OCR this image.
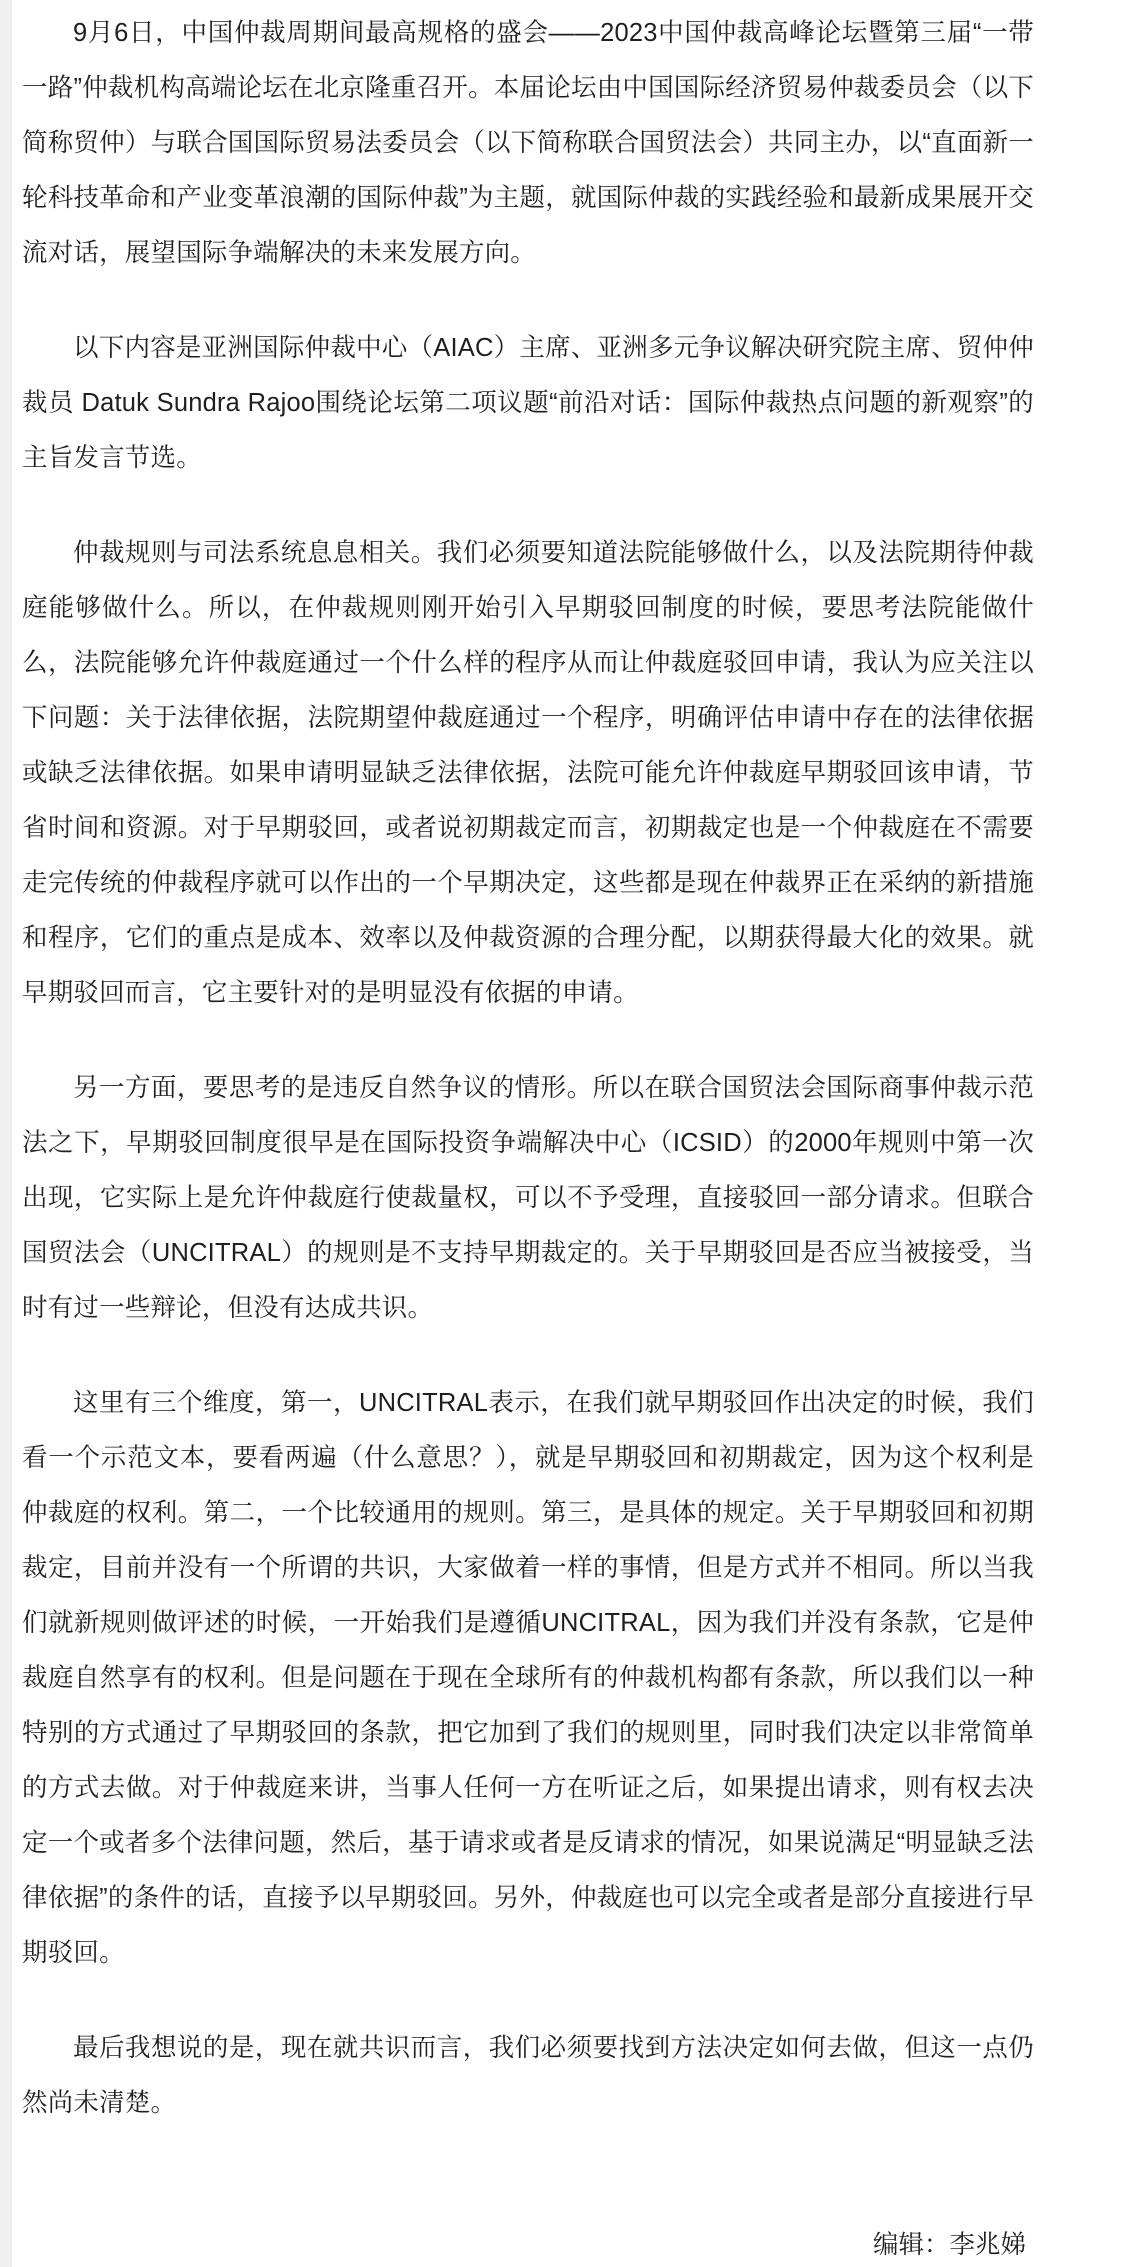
9月6日，中国仲裁周期间最高规格的盛会——2023中国仲裁高峰论坛暨第三届“一带一路”仲裁机构高端论坛在北京隆重召开。本届论坛由中国国际经济贸易仲裁委员会（以下简称贸仲）与联合国国际贸易法委员会（以下简称联合国贸法会）共同主办，以“直面新一轮科技革命和产业变革浪潮的国际仲裁”为主题，就国际仲裁的实践经验和最新成果展开交流对话，展望国际争端解决的未来发展方向。

以下内容是亚洲国际仲裁中心（AIAC）主席、亚洲多元争议解决研究院主席、贸仲仲裁员 Datuk Sundra Rajoo围绕论坛第二项议题“前沿对话：国际仲裁热点问题的新观察”的主旨发言节选。

仲裁规则与司法系统息息相关。我们必须要知道法院能够做什么，以及法院期待仲裁庭能够做什么。所以，在仲裁规则刚开始引入早期驳回制度的时候，要思考法院能做什么，法院能够允许仲裁庭通过一个什么样的程序从而让仲裁庭驳回申请，我认为应关注以下问题：关于法律依据，法院期望仲裁庭通过一个程序，明确评估申请中存在的法律依据或缺乏法律依据。如果申请明显缺乏法律依据，法院可能允许仲裁庭早期驳回该申请，节省时间和资源。对于早期驳回，或者说初期裁定而言，初期裁定也是一个仲裁庭在不需要走完传统的仲裁程序就可以作出的一个早期决定，这些都是现在仲裁界正在采纳的新措施和程序，它们的重点是成本、效率以及仲裁资源的合理分配，以期获得最大化的效果。就早期驳回而言，它主要针对的是明显没有依据的申请。

另一方面，要思考的是违反自然争议的情形。所以在联合国贸法会国际商事仲裁示范法之下，早期驳回制度很早是在国际投资争端解决中心（ICSID）的2000年规则中第一次出现，它实际上是允许仲裁庭行使裁量权，可以不予受理，直接驳回一部分请求。但联合国贸法会（UNCITRAL）的规则是不支持早期裁定的。关于早期驳回是否应当被接受，当时有过一些辩论，但没有达成共识。

这里有三个维度，第一，UNCITRAL表示，在我们就早期驳回作出决定的时候，我们看一个示范文本，要看两遍（什么意思？），就是早期驳回和初期裁定，因为这个权利是仲裁庭的权利。第二，一个比较通用的规则。第三，是具体的规定。关于早期驳回和初期裁定，目前并没有一个所谓的共识，大家做着一样的事情，但是方式并不相同。所以当我们就新规则做评述的时候，一开始我们是遵循UNCITRAL，因为我们并没有条款，它是仲裁庭自然享有的权利。但是问题在于现在全球所有的仲裁机构都有条款，所以我们以一种特别的方式通过了早期驳回的条款，把它加到了我们的规则里，同时我们决定以非常简单的方式去做。对于仲裁庭来讲，当事人任何一方在听证之后，如果提出请求，则有权去决定一个或者多个法律问题，然后，基于请求或者是反请求的情况，如果说满足“明显缺乏法律依据”的条件的话，直接予以早期驳回。另外，仲裁庭也可以完全或者是部分直接进行早期驳回。

最后我想说的是，现在就共识而言，我们必须要找到方法决定如何去做，但这一点仍然尚未清楚。

编辑：李兆娣
